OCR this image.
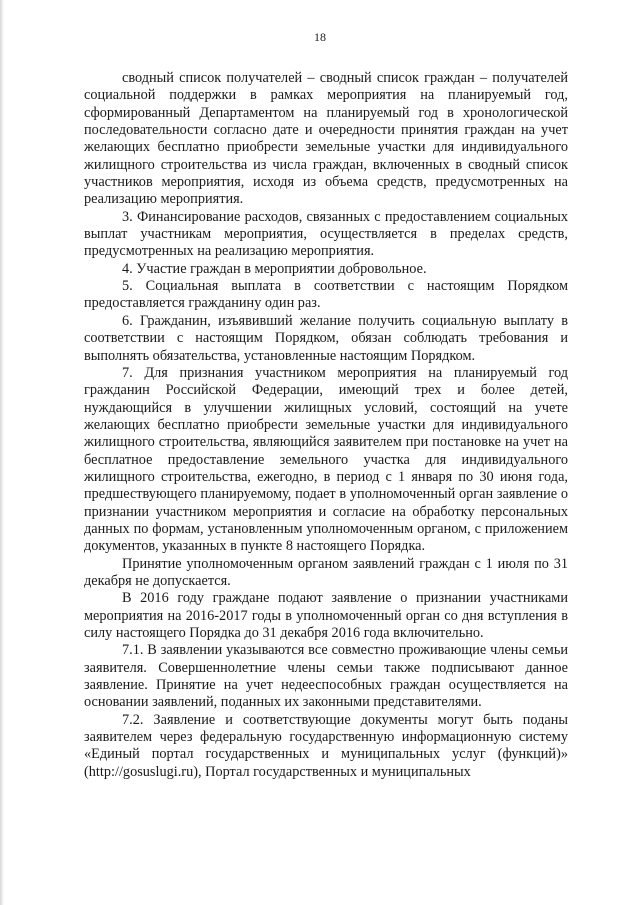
18

сводный список получателей – сводный список граждан – получателей социальной поддержки в рамках мероприятия на планируемый год, сформированный Департаментом на планируемый год в хронологической последовательности согласно дате и очередности принятия граждан на учет желающих бесплатно приобрести земельные участки для индивидуального жилищного строительства из числа граждан, включенных в сводный список участников мероприятия, исходя из объема средств, предусмотренных на реализацию мероприятия.

3. Финансирование расходов, связанных с предоставлением социальных выплат участникам мероприятия, осуществляется в пределах средств, предусмотренных на реализацию мероприятия.

4. Участие граждан в мероприятии добровольное.

5. Социальная выплата в соответствии с настоящим Порядком предоставляется гражданину один раз.

6. Гражданин, изъявивший желание получить социальную выплату в соответствии с настоящим Порядком, обязан соблюдать требования и выполнять обязательства, установленные настоящим Порядком.

7. Для признания участником мероприятия на планируемый год гражданин Российской Федерации, имеющий трех и более детей, нуждающийся в улучшении жилищных условий, состоящий на учете желающих бесплатно приобрести земельные участки для индивидуального жилищного строительства, являющийся заявителем при постановке на учет на бесплатное предоставление земельного участка для индивидуального жилищного строительства, ежегодно, в период с 1 января по 30 июня года, предшествующего планируемому, подает в уполномоченный орган заявление о признании участником мероприятия и согласие на обработку персональных данных по формам, установленным уполномоченным органом, с приложением документов, указанных в пункте 8 настоящего Порядка.

Принятие уполномоченным органом заявлений граждан с 1 июля по 31 декабря не допускается.

В 2016 году граждане подают заявление о признании участниками мероприятия на 2016-2017 годы в уполномоченный орган со дня вступления в силу настоящего Порядка до 31 декабря 2016 года включительно.

7.1. В заявлении указываются все совместно проживающие члены семьи заявителя. Совершеннолетние члены семьи также подписывают данное заявление. Принятие на учет недееспособных граждан осуществляется на основании заявлений, поданных их законными представителями.

7.2. Заявление и соответствующие документы могут быть поданы заявителем через федеральную государственную информационную систему «Единый портал государственных и муниципальных услуг (функций)» (http://gosuslugi.ru), Портал государственных и муниципальных
